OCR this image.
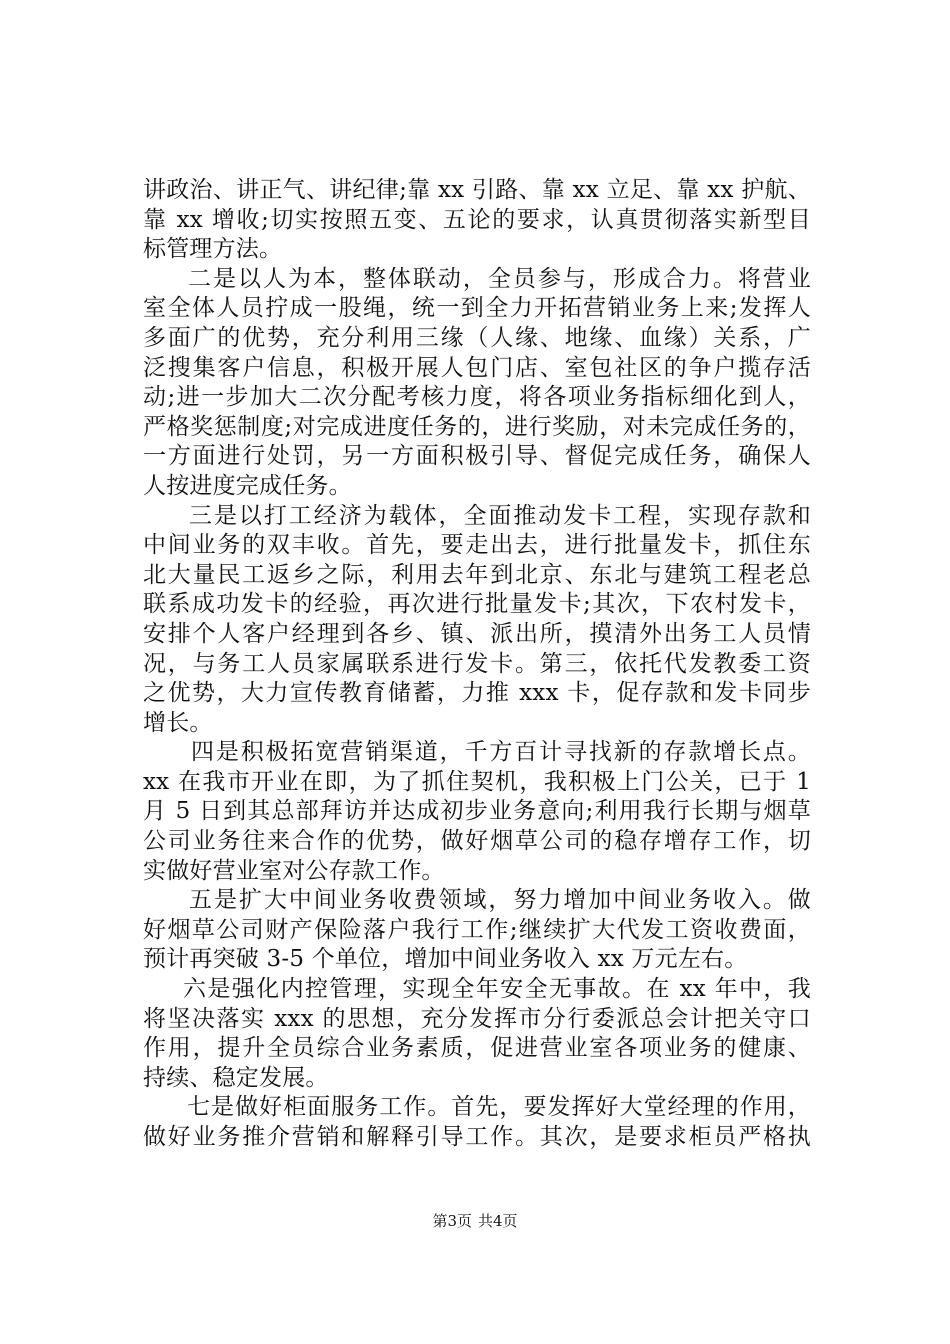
讲政治、讲正气、讲纪律;靠 xx 引路、靠 xx 立足、靠 xx 护航、
靠 xx 增收;切实按照五变、五论的要求，认真贯彻落实新型目
标管理方法。
二是以人为本，整体联动，全员参与，形成合力。将营业
室全体人员拧成一股绳，统一到全力开拓营销业务上来;发挥人
多面广的优势，充分利用三缘（人缘、地缘、血缘）关系，广
泛搜集客户信息，积极开展人包门店、室包社区的争户揽存活
动;进一步加大二次分配考核力度，将各项业务指标细化到人，
严格奖惩制度;对完成进度任务的，进行奖励，对未完成任务的，
一方面进行处罚，另一方面积极引导、督促完成任务，确保人
人按进度完成任务。
三是以打工经济为载体，全面推动发卡工程，实现存款和
中间业务的双丰收。首先，要走出去，进行批量发卡，抓住东
北大量民工返乡之际，利用去年到北京、东北与建筑工程老总
联系成功发卡的经验，再次进行批量发卡;其次，下农村发卡，
安排个人客户经理到各乡、镇、派出所，摸清外出务工人员情
况，与务工人员家属联系进行发卡。第三，依托代发教委工资
之优势，大力宣传教育储蓄，力推 xxx 卡，促存款和发卡同步
增长。
四是积极拓宽营销渠道，千方百计寻找新的存款增长点。
xx 在我市开业在即，为了抓住契机，我积极上门公关，已于 1
月 5 日到其总部拜访并达成初步业务意向;利用我行长期与烟草
公司业务往来合作的优势，做好烟草公司的稳存增存工作，切
实做好营业室对公存款工作。
五是扩大中间业务收费领域，努力增加中间业务收入。做
好烟草公司财产保险落户我行工作;继续扩大代发工资收费面，
预计再突破 3-5 个单位，增加中间业务收入 xx 万元左右。
六是强化内控管理，实现全年安全无事故。在 xx 年中，我
将坚决落实 xxx 的思想，充分发挥市分行委派总会计把关守口
作用，提升全员综合业务素质，促进营业室各项业务的健康、
持续、稳定发展。
七是做好柜面服务工作。首先，要发挥好大堂经理的作用，
做好业务推介营销和解释引导工作。其次，是要求柜员严格执
第3页 共4页
